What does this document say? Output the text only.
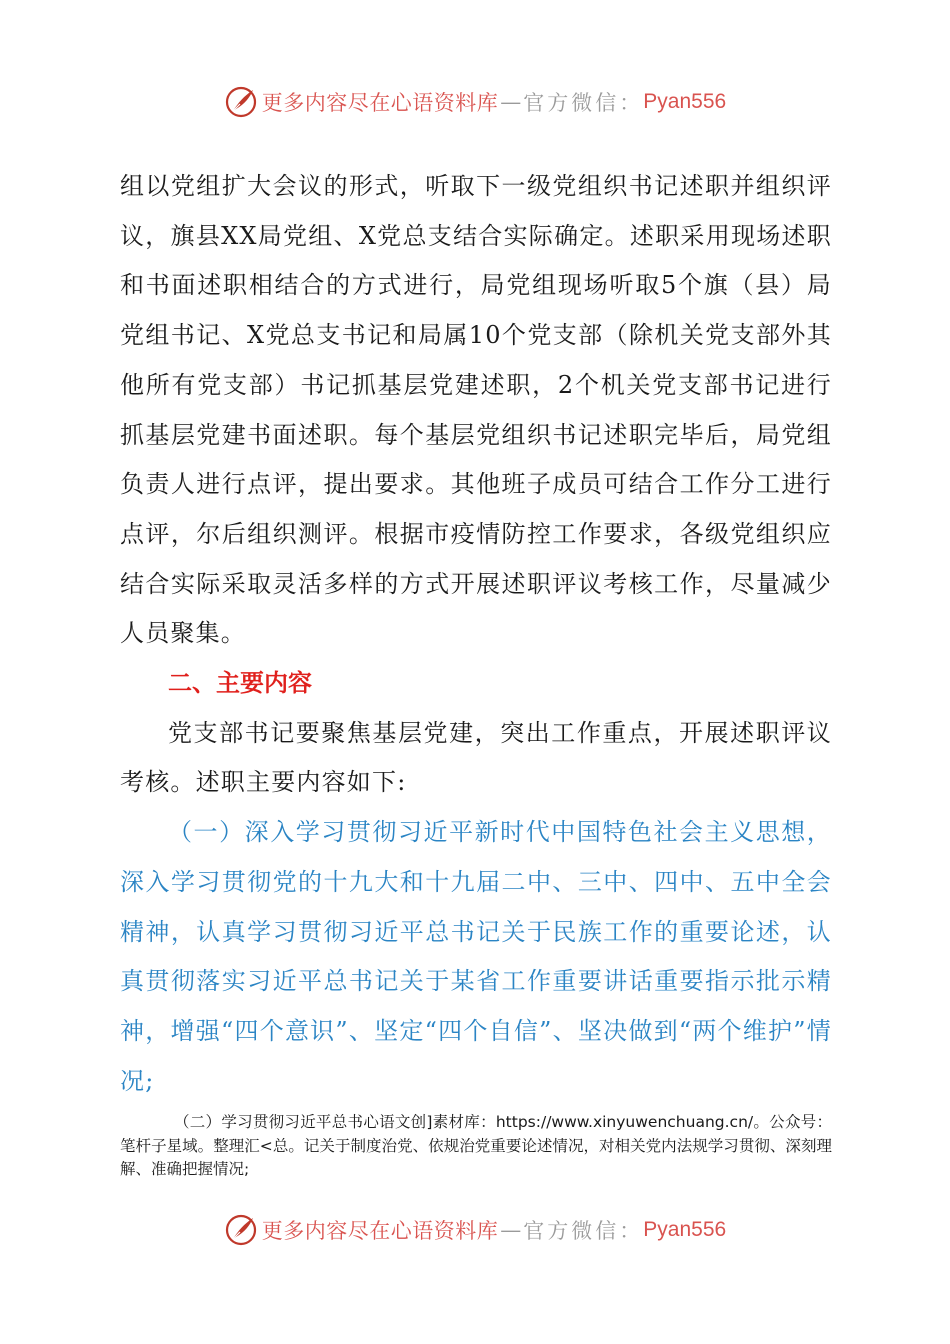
更多内容尽在心语资料库 — 官方微信： Pyan556

组以党组扩大会议的形式，听取下一级党组织书记述职并组织评议，旗县XX局党组、X党总支结合实际确定。述职采用现场述职和书面述职相结合的方式进行，局党组现场听取5个旗（县）局党组书记、X党总支书记和局属10个党支部（除机关党支部外其他所有党支部）书记抓基层党建述职，2个机关党支部书记进行抓基层党建书面述职。每个基层党组织书记述职完毕后，局党组负责人进行点评，提出要求。其他班子成员可结合工作分工进行点评，尔后组织测评。根据市疫情防控工作要求，各级党组织应结合实际采取灵活多样的方式开展述职评议考核工作，尽量减少人员聚集。

二、主要内容

党支部书记要聚焦基层党建，突出工作重点，开展述职评议考核。述职主要内容如下:

（一）深入学习贯彻习近平新时代中国特色社会主义思想，深入学习贯彻党的十九大和十九届二中、三中、四中、五中全会精神，认真学习贯彻习近平总书记关于民族工作的重要论述，认真贯彻落实习近平总书记关于某省工作重要讲话重要指示批示精神，增强“四个意识”、坚定“四个自信”、坚决做到“两个维护”情况;

（二）学习贯彻习近平总书心语文创]素材库：https://www.xinyuwenchuang.cn/。公众号：笔杆子星域。整理汇<总。记关于制度治党、依规治党重要论述情况，对相关党内法规学习贯彻、深刻理解、准确把握情况;

更多内容尽在心语资料库 — 官方微信： Pyan556
